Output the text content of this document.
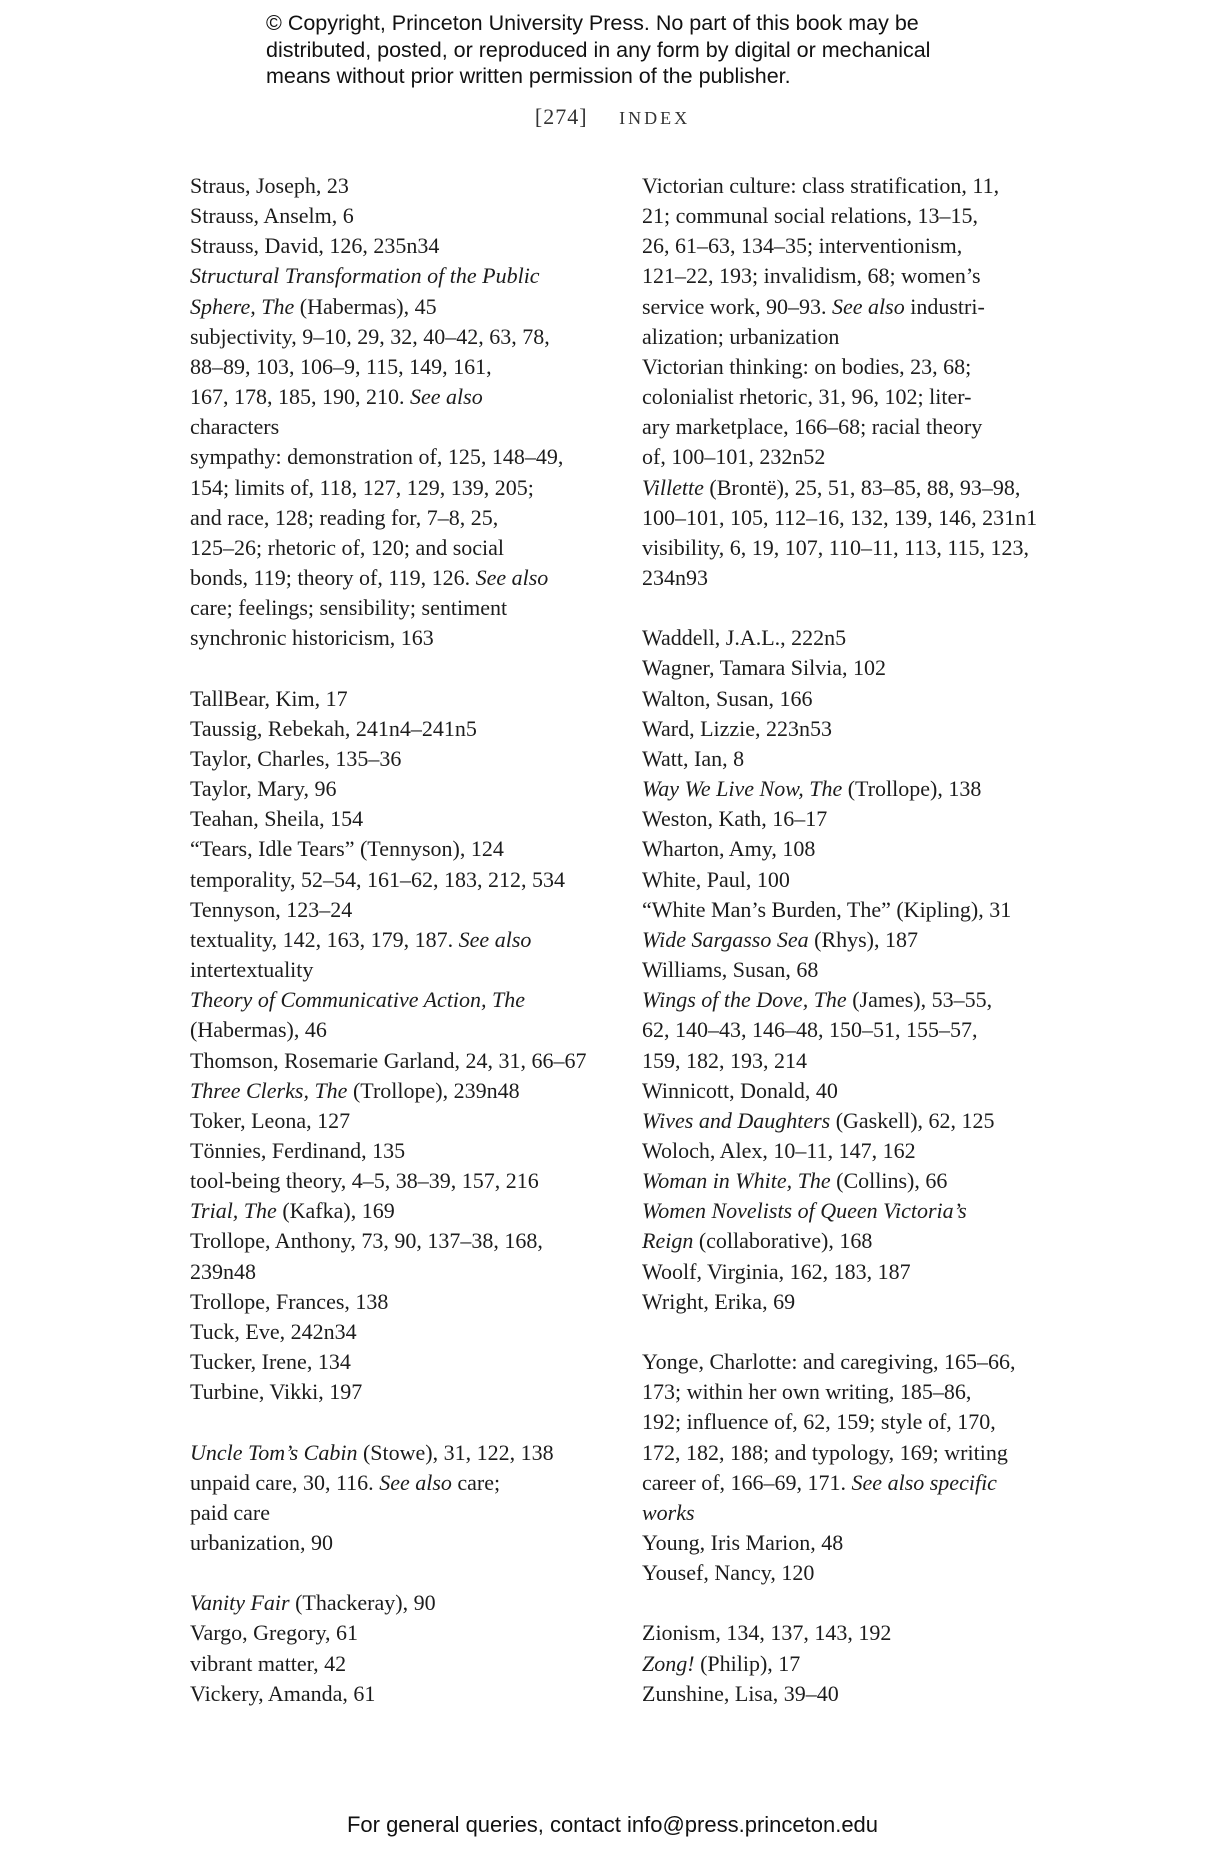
© Copyright, Princeton University Press. No part of this book may be
distributed, posted, or reproduced in any form by digital or mechanical
means without prior written permission of the publisher.
[274] INDEX
Straus, Joseph, 23
Strauss, Anselm, 6
Strauss, David, 126, 235n34
Structural Transformation of the Public
Sphere, The (Habermas), 45
subjectivity, 9–10, 29, 32, 40–42, 63, 78,
88–89, 103, 106–9, 115, 149, 161,
167, 178, 185, 190, 210. See also
characters
sympathy: demonstration of, 125, 148–49,
154; limits of, 118, 127, 129, 139, 205;
and race, 128; reading for, 7–8, 25,
125–26; rhetoric of, 120; and social
bonds, 119; theory of, 119, 126. See also
care; feelings; sensibility; sentiment
synchronic historicism, 163
TallBear, Kim, 17
Taussig, Rebekah, 241n4–241n5
Taylor, Charles, 135–36
Taylor, Mary, 96
Teahan, Sheila, 154
“Tears, Idle Tears” (Tennyson), 124
temporality, 52–54, 161–62, 183, 212, 534
Tennyson, 123–24
textuality, 142, 163, 179, 187. See also
intertextuality
Theory of Communicative Action, The
(Habermas), 46
Thomson, Rosemarie Garland, 24, 31, 66–67
Three Clerks, The (Trollope), 239n48
Toker, Leona, 127
Tönnies, Ferdinand, 135
tool-being theory, 4–5, 38–39, 157, 216
Trial, The (Kafka), 169
Trollope, Anthony, 73, 90, 137–38, 168,
239n48
Trollope, Frances, 138
Tuck, Eve, 242n34
Tucker, Irene, 134
Turbine, Vikki, 197
Uncle Tom’s Cabin (Stowe), 31, 122, 138
unpaid care, 30, 116. See also care;
paid care
urbanization, 90
Vanity Fair (Thackeray), 90
Vargo, Gregory, 61
vibrant matter, 42
Vickery, Amanda, 61
Victorian culture: class stratification, 11,
21; communal social relations, 13–15,
26, 61–63, 134–35; interventionism,
121–22, 193; invalidism, 68; women’s
service work, 90–93. See also industri-
alization; urbanization
Victorian thinking: on bodies, 23, 68;
colonialist rhetoric, 31, 96, 102; liter-
ary marketplace, 166–68; racial theory
of, 100–101, 232n52
Villette (Brontë), 25, 51, 83–85, 88, 93–98,
100–101, 105, 112–16, 132, 139, 146, 231n1
visibility, 6, 19, 107, 110–11, 113, 115, 123,
234n93
Waddell, J.A.L., 222n5
Wagner, Tamara Silvia, 102
Walton, Susan, 166
Ward, Lizzie, 223n53
Watt, Ian, 8
Way We Live Now, The (Trollope), 138
Weston, Kath, 16–17
Wharton, Amy, 108
White, Paul, 100
“White Man’s Burden, The” (Kipling), 31
Wide Sargasso Sea (Rhys), 187
Williams, Susan, 68
Wings of the Dove, The (James), 53–55,
62, 140–43, 146–48, 150–51, 155–57,
159, 182, 193, 214
Winnicott, Donald, 40
Wives and Daughters (Gaskell), 62, 125
Woloch, Alex, 10–11, 147, 162
Woman in White, The (Collins), 66
Women Novelists of Queen Victoria’s
Reign (collaborative), 168
Woolf, Virginia, 162, 183, 187
Wright, Erika, 69
Yonge, Charlotte: and caregiving, 165–66,
173; within her own writing, 185–86,
192; influence of, 62, 159; style of, 170,
172, 182, 188; and typology, 169; writing
career of, 166–69, 171. See also specific
works
Young, Iris Marion, 48
Yousef, Nancy, 120
Zionism, 134, 137, 143, 192
Zong! (Philip), 17
Zunshine, Lisa, 39–40
For general queries, contact info@press.princeton.edu
